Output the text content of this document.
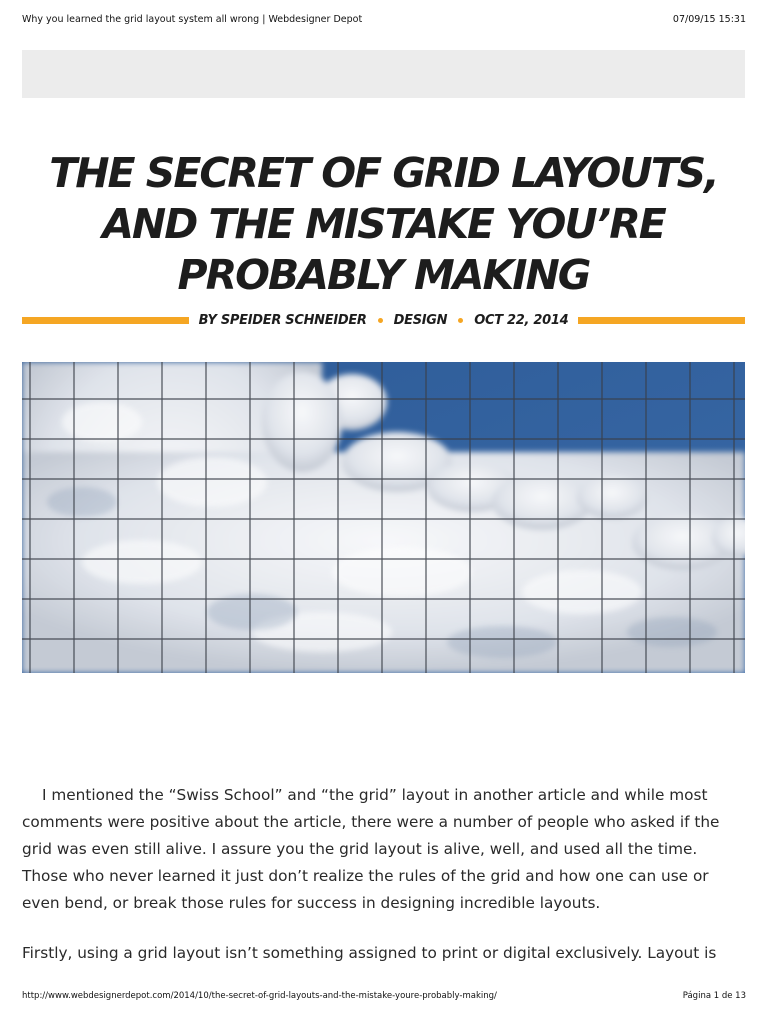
Why you learned the grid layout system all wrong | Webdesigner Depot	07/09/15 15:31
THE SECRET OF GRID LAYOUTS,
AND THE MISTAKE YOU’RE
PROBABLY MAKING
BY SPEIDER SCHNEIDER DESIGN OCT 22, 2014

I mentioned the “Swiss School” and “the grid” layout in another article and while most comments were positive about the article, there were a number of people who asked if the grid was even still alive. I assure you the grid layout is alive, well, and used all the time. Those who never learned it just don’t realize the rules of the grid and how one can use or even bend, or break those rules for success in designing incredible layouts.

Firstly, using a grid layout isn’t something assigned to print or digital exclusively. Layout is

http://www.webdesignerdepot.com/2014/10/the-secret-of-grid-layouts-and-the-mistake-youre-probably-making/	Página 1 de 13
